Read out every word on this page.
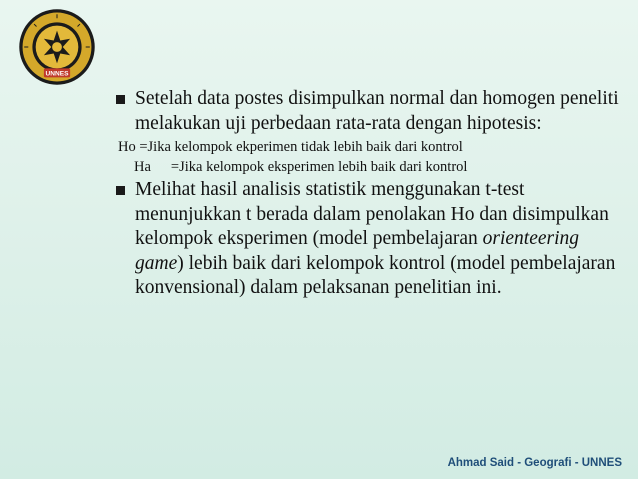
UNNES
Setelah data postes disimpulkan normal dan homogen peneliti melakukan uji perbedaan rata-rata dengan hipotesis:
Ho =Jika kelompok ekperimen tidak lebih baik dari kontrol
Ha =Jika kelompok eksperimen lebih baik dari kontrol
Melihat hasil analisis statistik menggunakan t-test menunjukkan t berada dalam penolakan Ho dan disimpulkan kelompok eksperimen (model pembelajaran orienteering game) lebih baik dari kelompok kontrol (model pembelajaran konvensional) dalam pelaksanan penelitian ini.
Ahmad Said - Geografi - UNNES
